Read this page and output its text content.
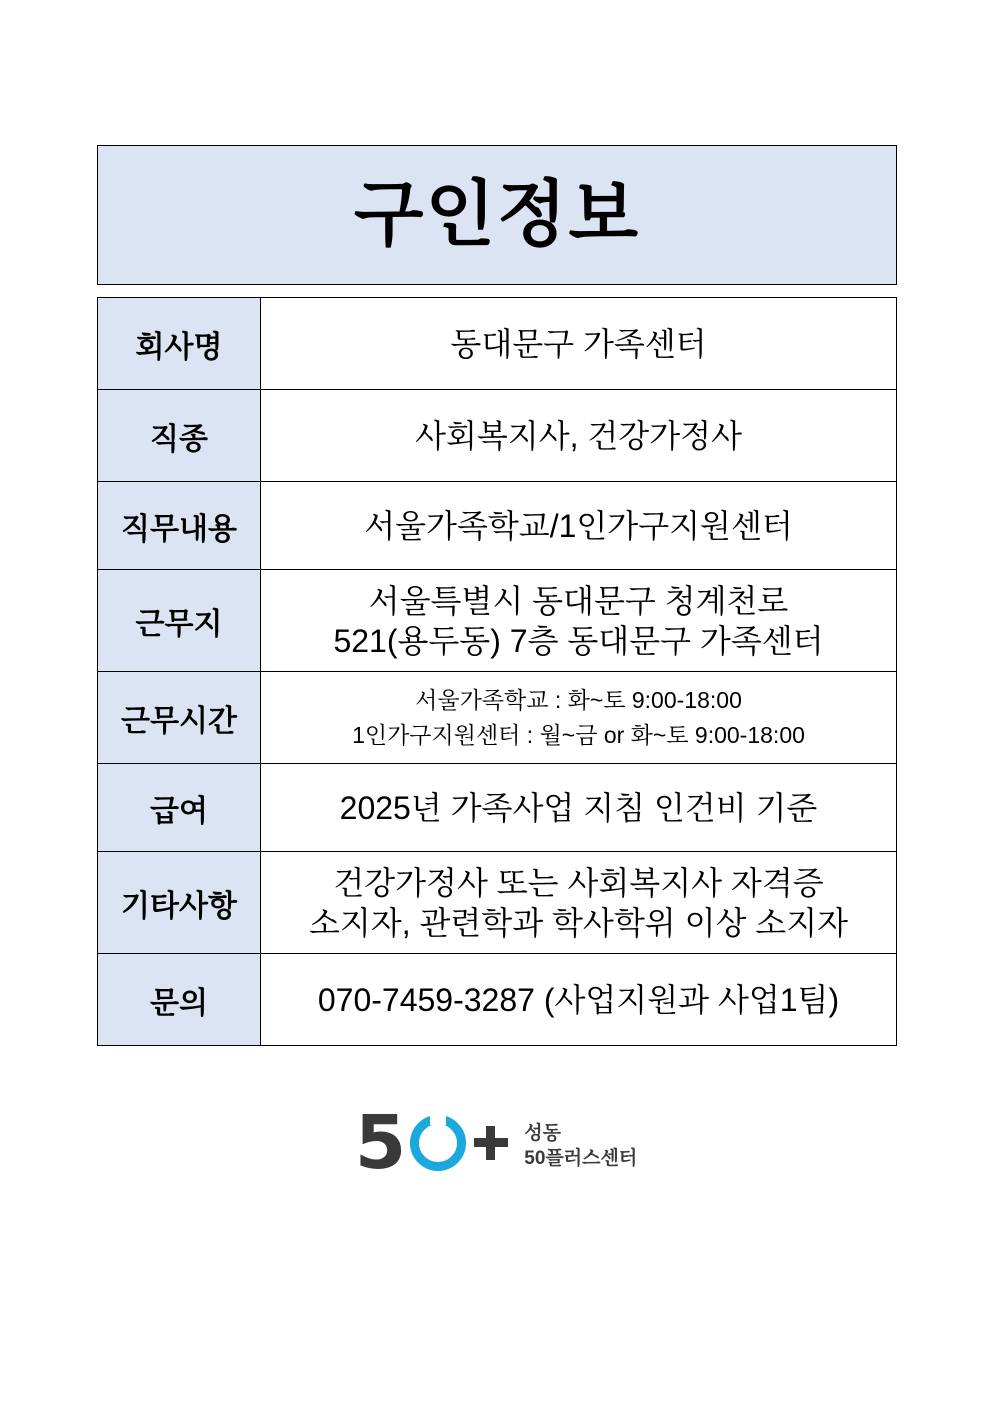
구인정보
회사명	동대문구 가족센터

직종	사회복지사, 건강가정사

직무내용	서울가족학교/1인가구지원센터

근무지	서울특별시 동대문구 청계천로
521(용두동) 7층 동대문구 가족센터

근무시간	서울가족학교 : 화~토 9:00-18:00
1인가구지원센터 : 월~금 or 화~토 9:00-18:00

급여	2025년 가족사업 지침 인건비 기준

기타사항	건강가정사 또는 사회복지사 자격증
소지자, 관련학과 학사학위 이상 소지자

문의	070-7459-3287 (사업지원과 사업1팀)
5	성동
50플러스센터
